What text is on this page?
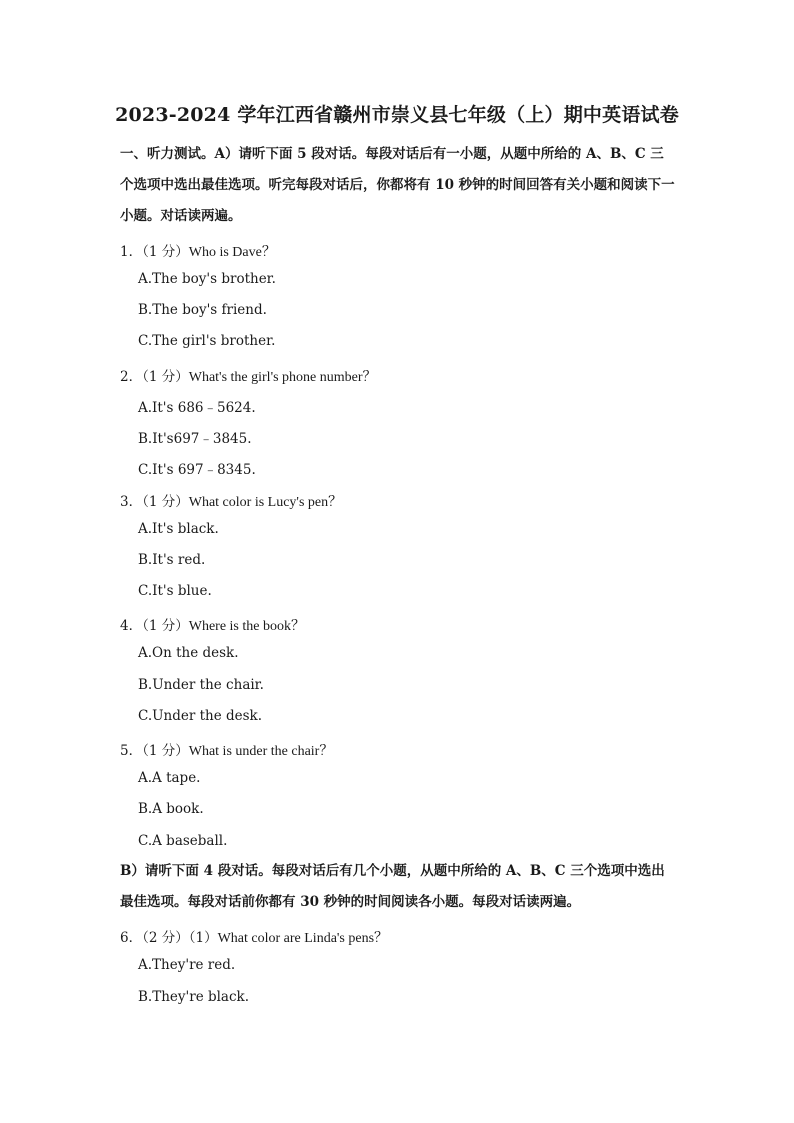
2023-2024 学年江西省赣州市崇义县七年级（上）期中英语试卷
一、听力测试。A）请听下面 5 段对话。每段对话后有一小题，从题中所给的 A、B、C 三个选项中选出最佳选项。听完每段对话后，你都将有 10 秒钟的时间回答有关小题和阅读下一小题。对话读两遍。
1．（1 分）Who is Dave？
A.The boy's brother.
B.The boy's friend.
C.The girl's brother.
2．（1 分）What's the girl's phone number？
A.It's 686﹣5624.
B.It's697﹣3845.
C.It's 697﹣8345.
3．（1 分）What color is Lucy's pen？
A.It's black.
B.It's red.
C.It's blue.
4．（1 分）Where is the book？
A.On the desk.
B.Under the chair.
C.Under the desk.
5．（1 分）What is under the chair？
A.A tape.
B.A book.
C.A baseball.
B）请听下面 4 段对话。每段对话后有几个小题，从题中所给的 A、B、C 三个选项中选出最佳选项。每段对话前你都有 30 秒钟的时间阅读各小题。每段对话读两遍。
6．（2 分）（1）What color are Linda's pens？
A.They're red.
B.They're black.
